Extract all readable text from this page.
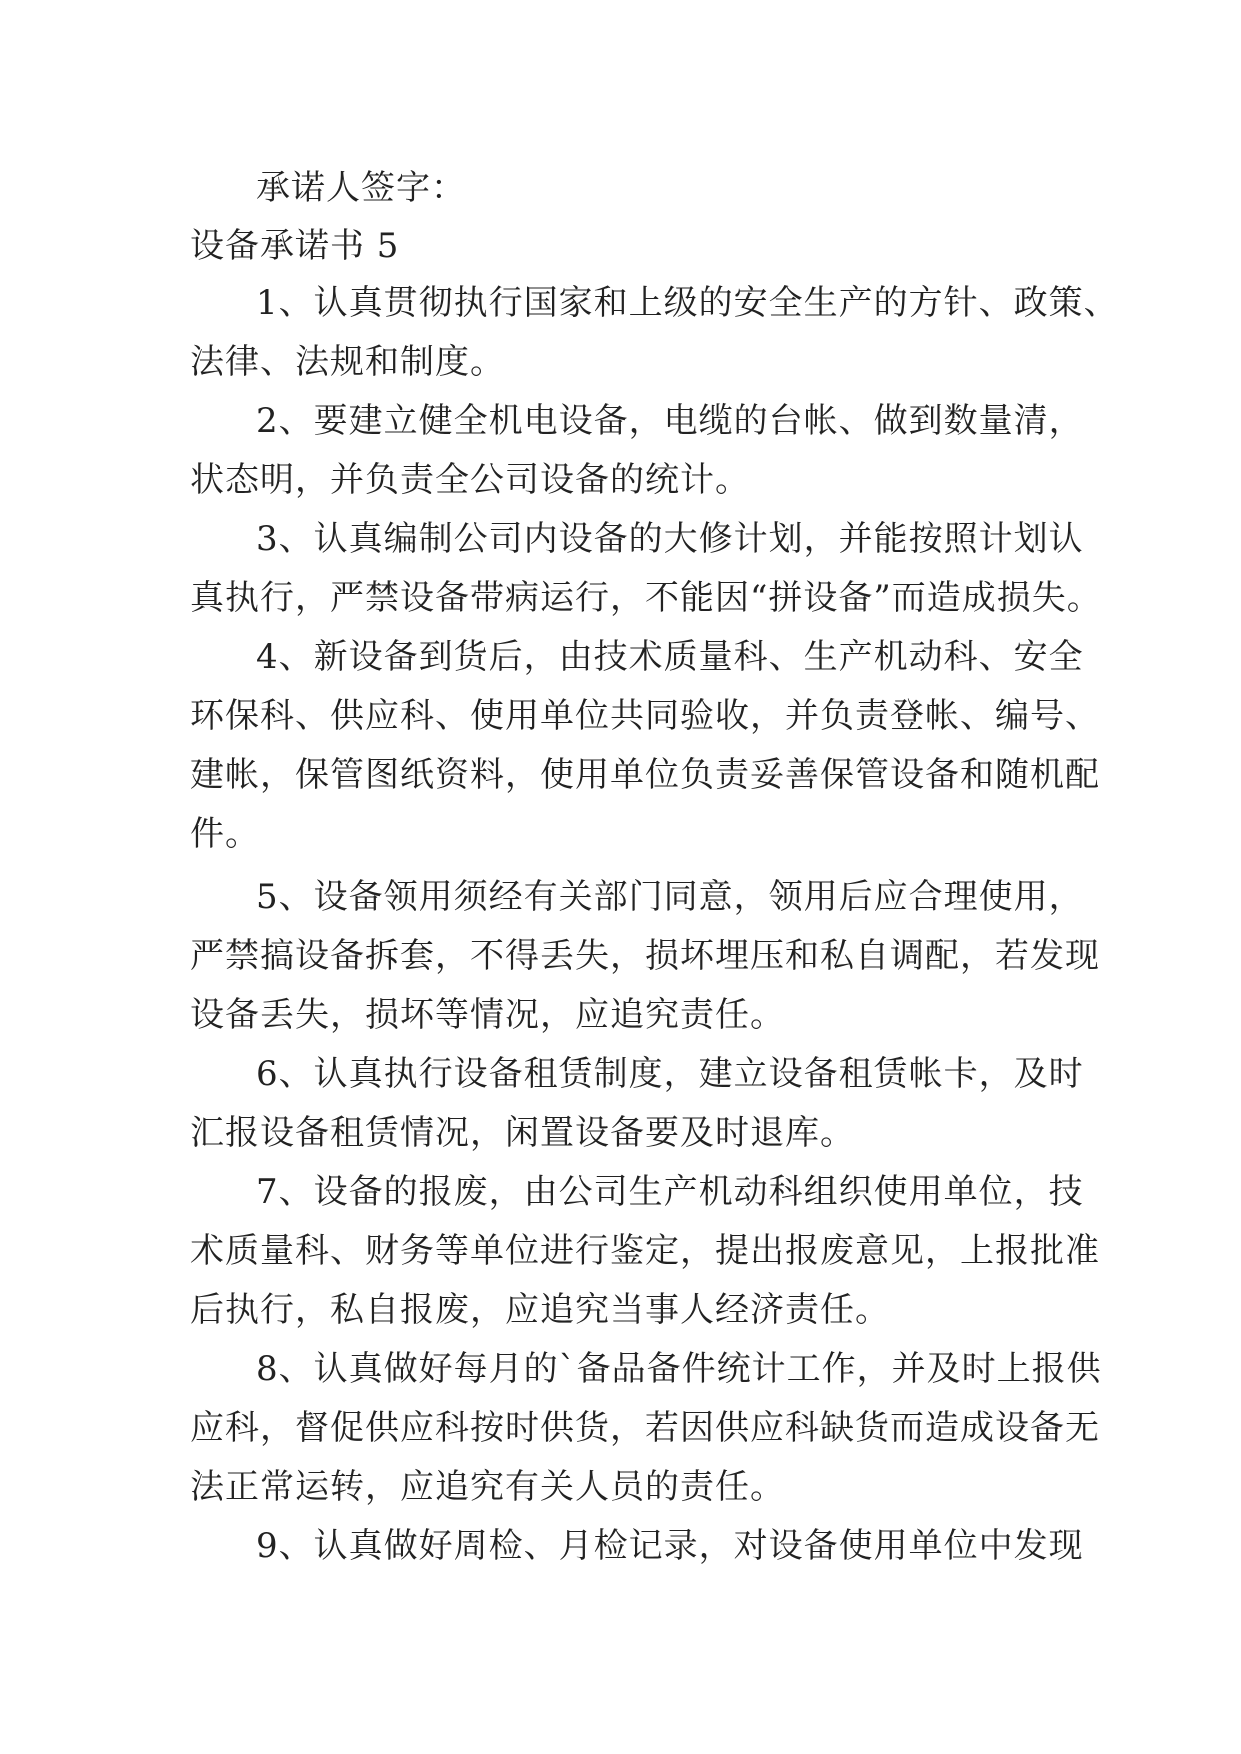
承诺人签字：
设备承诺书 5
1、认真贯彻执行国家和上级的安全生产的方针、政策、
法律、法规和制度。
2、要建立健全机电设备，电缆的台帐、做到数量清，
状态明，并负责全公司设备的统计。
3、认真编制公司内设备的大修计划，并能按照计划认
真执行，严禁设备带病运行，不能因“拼设备”而造成损失。
4、新设备到货后，由技术质量科、生产机动科、安全
环保科、供应科、使用单位共同验收，并负责登帐、编号、
建帐，保管图纸资料，使用单位负责妥善保管设备和随机配
件。
5、设备领用须经有关部门同意，领用后应合理使用，
严禁搞设备拆套，不得丢失，损坏埋压和私自调配，若发现
设备丢失，损坏等情况，应追究责任。
6、认真执行设备租赁制度，建立设备租赁帐卡，及时
汇报设备租赁情况，闲置设备要及时退库。
7、设备的报废，由公司生产机动科组织使用单位，技
术质量科、财务等单位进行鉴定，提出报废意见，上报批准
后执行，私自报废，应追究当事人经济责任。
8、认真做好每月的`备品备件统计工作，并及时上报供
应科，督促供应科按时供货，若因供应科缺货而造成设备无
法正常运转，应追究有关人员的责任。
9、认真做好周检、月检记录，对设备使用单位中发现
